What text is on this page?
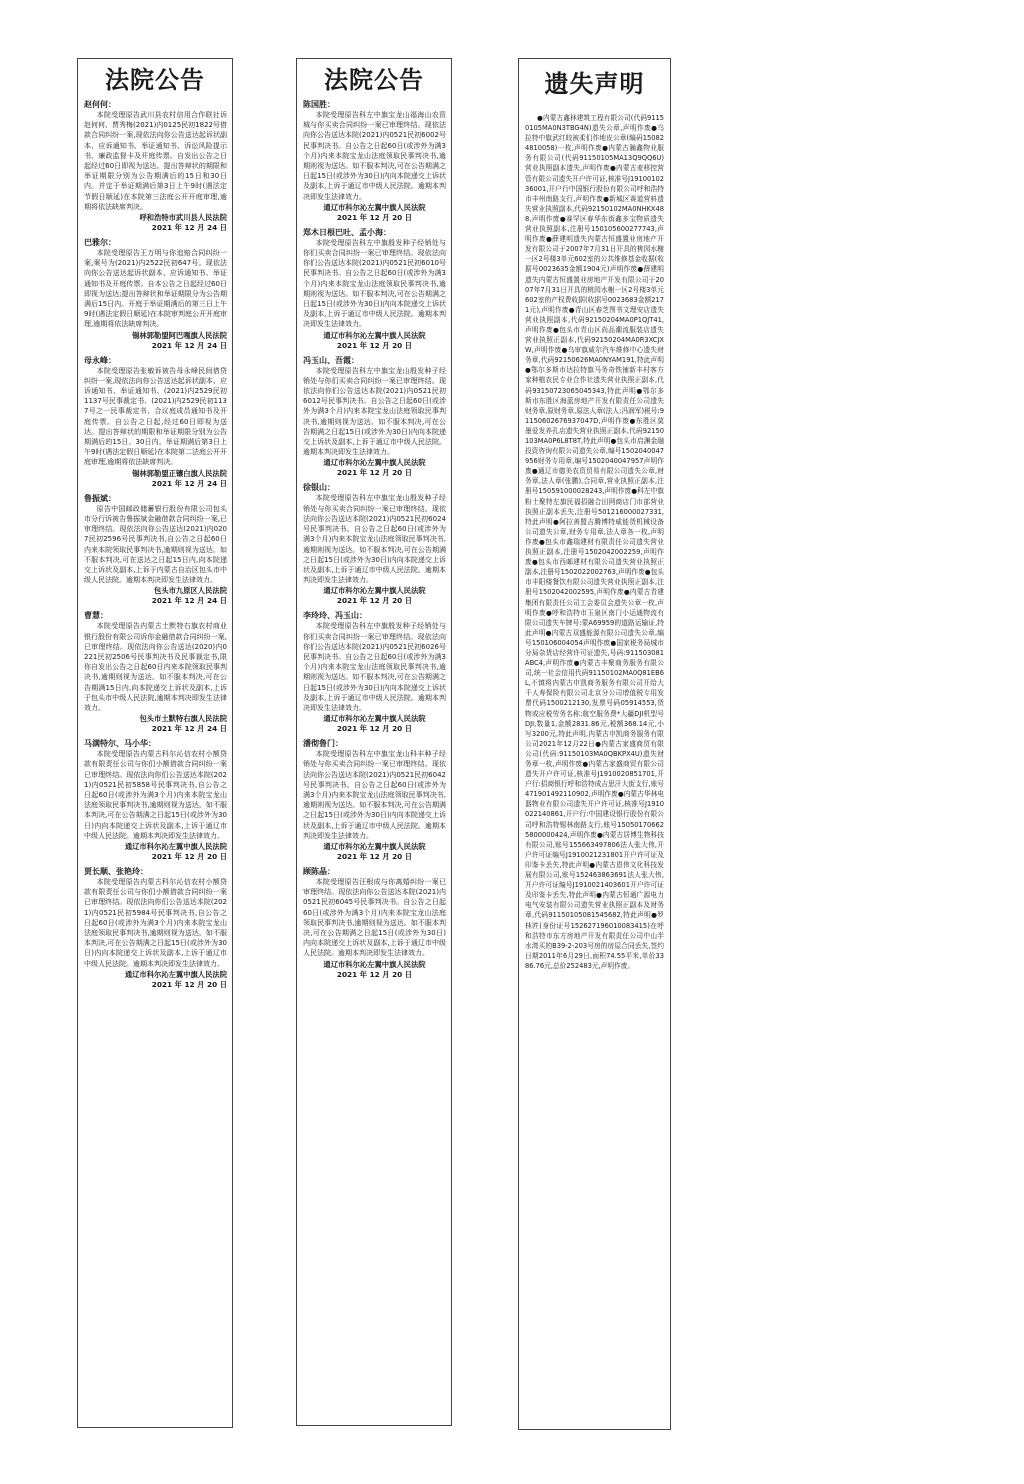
法院公告
赵何何：

本院受理原告武川县农村信用合作联社诉赵何何、贾秀梅(2021)内0125民初1822号借款合同纠纷一案,现依法向你公告送达起诉状副本、应诉通知书、举证通知书、诉讼风险提示书、廉政监督卡及开庭传票。自发出公告之日起经过60日即视为送达。提出答辩状的期限和举证期限分别为公告期满后的15日和30日内。并定于举证期满后第3日上午9时(遇法定节假日顺延)在本院第三法庭公开开庭审理,逾期将依法缺席判决。

呼和浩特市武川县人民法院
2021 年 12 月 24 日
巴雅尔：

本院受理原告王万明与你追赔合同纠纷一案,案号为(2021)内2522民初647号。现依法向你公告送达起诉状副本、应诉通知书、举证通知书及开庭传票。自本公告之日起经过60日即视为送达;提出答辩状和举证期限分为公告期满后15日内。开庭于举证期满后的第三日上午9时(遇法定假日顺延)在本院审判庭公开开庭审理,逾期将依法缺席判决。

锡林郭勒盟阿巴嘎旗人民法院
2021 年 12 月 24 日
母永峰：

本院受理原告张敏诉被告母永峰民间借贷纠纷一案,现依法向你公告送达起诉状副本、应诉通知书、举证通知书、(2021)内2529民初1137号民事裁定书、(2021)内2529民初1137号之一民事裁定书、合议庭成员通知书及开庭传票。自公告之日起,经过60日即视为送达。提出答辩状的期限和举证期限分别为公告期满后的15日、30日内。举证期满后第3日上午9时(遇法定假日顺延)在本院第二法庭公开开庭审理,逾期将依法缺席判决。

锡林郭勒盟正镶白旗人民法院
2021 年 12 月 24 日
鲁振斌：

原告中国邮政储蓄银行股份有限公司包头市分行诉被告鲁振斌金融借款合同纠纷一案,已审理终结。现依法向你公告送达(2021)内0207民初2596号民事判决书,自公告之日起60日内来本院领取民事判决书,逾期则视为送达。如不服本判决,可在送达之日起15日内,向本院递交上诉状及副本,上诉于内蒙古自治区包头市中级人民法院。逾期本判决即发生法律效力。

包头市九原区人民法院
2021 年 12 月 24 日
曹慧：

本院受理原告内蒙古土默特右旗农村商业银行股份有限公司诉你金融借款合同纠纷一案,已审理终结。现依法向你公告送达(2020)内0221民初2506号民事判决书及民事裁定书,限你自发出公告之日起60日内来本院领取民事判决书,逾期则视为送达。如不服本判决,可在公告期满15日内,向本院递交上诉状及副本,上诉于包头市中级人民法院,逾期本判决即发生法律效力。

包头市土默特右旗人民法院
2021 年 12 月 24 日
马满特尔、马小华：

本院受理原告内蒙古科尔沁信农村小额贷款有限责任公司与你们小额借款合同纠纷一案已审理终结。现依法向你们公告送达本院(2021)内0521民初5858号民事判决书,自公告之日起60日(或涉外为满3个月)内来本院宝龙山法庭领取民事判决书,逾期则视为送达。如不服本判决,可在公告期满之日起15日(或涉外为30日)内向本院递交上诉状及副本,上诉于通辽市中级人民法院。逾期本判决即发生法律效力。

通辽市科尔沁左翼中旗人民法院
2021 年 12 月 20 日
贾长顺、张艳玲：

本院受理原告内蒙古科尔沁信农村小额贷款有限责任公司与你们小额借款合同纠纷一案已审理终结。现依法向你们公告送达本院(2021)内0521民初5984号民事判决书,自公告之日起60日(或涉外为满3个月)内来本院宝龙山法庭领取民事判决书,逾期则视为送达。如不服本判决,可在公告期满之日起15日(或涉外为30日)内向本院递交上诉状及副本,上诉于通辽市中级人民法院。逾期本判决即发生法律效力。

通辽市科尔沁左翼中旗人民法院
2021 年 12 月 20 日
法院公告
陈国胜：

本院受理原告科左中旗宝龙山福海山农资城与你买卖合同纠纷一案已审理终结。现依法向你公告送达本院(2021)内0521民初6002号民事判决书。自公告之日起60日(或涉外为满3个月)内来本院宝龙山法庭领取民事判决书,逾期则视为送达。如不服本判决,可在公告期满之日起15日(或涉外为30日)内向本院递交上诉状及副本,上诉于通辽市中级人民法院。逾期本判决即发生法律效力。

通辽市科尔沁左翼中旗人民法院
2021 年 12 月 20 日
郑木日根巴吐、孟小海：

本院受理原告科左中旗殷发种子经销处与你们买卖合同纠纷一案已审理终结。现依法向你们公告送达本院(2021)内0521民初6010号民事判决书。自公告之日起60日(或涉外为满3个月)内来本院宝龙山法庭领取民事判决书,逾期则视为送达。如不服本判决,可在公告期满之日起15日(或涉外为30日)内向本院递交上诉状及副本,上诉于通辽市中级人民法院。逾期本判决即发生法律效力。

通辽市科尔沁左翼中旗人民法院
2021 年 12 月 20 日
冯玉山、吾霞：

本院受理原告科左中旗宝龙山殷发种子经销处与你们买卖合同纠纷一案已审理终结。现依法向你们公告送达本院(2021)内0521民初6012号民事判决书。自公告之日起60日(或涉外为满3个月)内来本院宝龙山法庭领取民事判决书,逾期则视为送达。如不服本判决,可在公告期满之日起15日(或涉外为30日)内向本院递交上诉状及副本,上诉于通辽市中级人民法院。逾期本判决即发生法律效力。

通辽市科尔沁左翼中旗人民法院
2021 年 12 月 20 日
徐银山：

本院受理原告科左中旗宝龙山殷发种子经销处与你买卖合同纠纷一案已审理终结。现依法向你公告送达本院(2021)内0521民初6024号民事判决书。自公告之日起60日(或涉外为满3个月)内来本院宝龙山法庭领取民事判决书,逾期则视为送达。如不服本判决,可在公告期满之日起15日(或涉外为30日)内向本院递交上诉状及副本,上诉于通辽市中级人民法院。逾期本判决即发生法律效力。

通辽市科尔沁左翼中旗人民法院
2021 年 12 月 20 日
李玲玲、冯玉山：

本院受理原告科左中旗殷发种子经销处与你们买卖合同纠纷一案已审理终结。现依法向你们公告送达本院(2021)内0521民初6026号民事判决书。自公告之日起60日(或涉外为满3个月)内来本院宝龙山法庭领取民事判决书,逾期则视为送达。如不服本判决,可在公告期满之日起15日(或涉外为30日)内向本院递交上诉状及副本,上诉于通辽市中级人民法院。逾期本判决即发生法律效力。

通辽市科尔沁左翼中旗人民法院
2021 年 12 月 20 日
潘彻鲁门：

本院受理原告科左中旗宝龙山科丰种子经销处与你买卖合同纠纷一案已审理终结。现依法向你公告送达本院(2021)内0521民初6042号民事判决书。自公告之日起60日(或涉外为满3个月)内来本院宝龙山法庭领取民事判决书,逾期则视为送达。如不服本判决,可在公告期满之日起15日(或涉外为30日)内向本院递交上诉状及副本,上诉于通辽市中级人民法院。逾期本判决即发生法律效力。

通辽市科尔沁左翼中旗人民法院
2021 年 12 月 20 日
顾陈晶：

本院受理原告汪根成与你离婚纠纷一案已审理终结。现依法向你公告送达本院(2021)内0521民初6045号民事判决书。自公告之日起60日(或涉外为满3个月)内来本院宝龙山法庭领取民事判决书,逾期则视为送达。如不服本判决,可在公告期满之日起15日(或涉外为30日)内向本院递交上诉状及副本,上诉于通辽市中级人民法院。逾期本判决即发生法律效力。

通辽市科尔沁左翼中旗人民法院
2021 年 12 月 20 日
遗失声明

●内蒙古鑫林建筑工程有限公司(代码91150105MA0N3TBG4N)遗失公章,声明作废●乌拉特中旗武红皎被柔们作地皮公章(编码150824810058)一枚,声明作废●内蒙古瀚鑫物业服务有限公司(代码91150105MA13Q9QQ6U)营业执照副本遗失,声明作废●内蒙古麦移控营管有限公司遗失开户许可证,核准号J1910010236001,开户行中国银行股份有限公司呼和浩特市丰州南路支行,声明作废●新城区赛道营料遗失营业执照副本,代码92150102MA0NHKX488,声明作废●赛罕区春华东街鑫多宝物质遗失营业执照副本,注册号150105600277743,声明作废●薛建明遗失内蒙古恒盛置业房地产开发有限公司于2007年7月31日开具的桃园水榭一区2号楼3单元602室的公共维修基金收据(收据号0023635金额1904元)声明作废●薛建明遗失内蒙古恒盛置业房地产开发有限公司于2007年7月31日开具的桃园水榭一区2号楼3单元602室的产权费收据(收据号0023683金额2171元),声明作废●青山区春芝图书文理安店遗失营业执照副本,代码92150204MA0P1QJT41,声明作废●包头市青山区尚品潮流服装店遗失营业执照正副本,代码92150204MA0R3XCJXW,声明作废●乌审旗威尔汽车维修中心遗失财务章,代码92150626MA0NYAM191,特此声明●鄂尔多斯市达拉特旗马务奇铁铺新丰村客方家种植农民专业合作社遗失营业执照正副本,代码93150723065045343,特此声明●鄂尔多斯市东胜区海蓝房地产开发有限责任公司遗失财务章,原财务章,原法人章(法人:冯润军)税号:91150602676937047D,声明作废●东胜区莫墨爱发养孔店遗失营业执照正副本,代码92150103MA0P6L8T8T,特此声明●包头市启渊金融投资咨询有限公司遗失公章,编号1502040047956财务专用章,编号1502040047957声明作废●通辽市德美农资贸易有限公司遗失公章,财务章,法人章(张鹏),合同章,营业执照正副本,注册号150591000028243,声明作废●科左中旗粉土聚特左旗民福招融合田网商店门市部营业执照正副本丢失,注册号501216000027331,特此声明●阿拉善盟吉腾博特威能货机械设备公司遗失公章,财务专用章,法人章各一枚,声明作废●包头市鑫瑞建材有限责任公司遗失营业执照正副本,注册号1502042002259,声明作废●包头市西邮建材有限公司遗失营业执照正副本,注册号1502022002763,声明作废●包头市丰阳楼餐饮有限公司遗失营业执照正副本,注册号1502042002595,声明作废●内蒙古青建集团有限责任公司工会委员会遗失公章一枚,声明作废●呼和浩特市玉泉区南门小运通物流有限公司遗失车牌号:蒙A69959的道路运输证,特此声明●内蒙古双盛能源有限公司遗失公章,编号150106004054声明作废●国家税务局城市分局杂货店经营许可证遗失,号码:911503081ABC4,声明作废●内蒙古丰聚商务服务有限公司,统一社会信用代码91150102MA0Q81EB6L,不慎将内蒙古申凯商务服务有限公司开给大千人寿保险有限公司北京分公司增值税专用发票代码1500212130,发票号码05914553,货物或应税劳务名称:航空服务费*大疆DJI机型号DJI,数量1,金额2831.86元,税额368.14元,小写3200元,特此声明,内蒙古申凯商务服务有限公司2021年12月22日●内蒙古家盛商贸有限公司(代码:91150103MA0QBKPX4U)遗失财务章一枚,声明作废●内蒙古家盛商贸有限公司遗失开户许可证,核准号J1910020851701,开户行:招商银行呼和浩特成吉思汗大街支行,账号471901492110902,声明作废●内蒙古华林电器物业有限公司遗失开户许可证,核准号J1910022140861,开户行:中国建设银行股份有限公司呼和浩特锡林南路支行,账号150501706625800000424,声明作废●内蒙古居博生物科技有限公司,账号155663497806法人张大伟,开户许可证编号J1910021231801开户许可证及印鉴卡丢失,特此声明●内蒙古恩伟文化科技发展有限公司,账号152463863691法人张大伟,开户许可证编号J1910021403601开户许可证及印鉴卡丢失,特此声明●内蒙古恒通广源电力电气安装有限公司遗失营业执照正副本及财务章,代码91150105081545682,特此声明●罗林匠(身份证号152627196010083415)在呼和浩特市东方房地产开发有限责任公司中山半水湾买的B39-2-203号房的房屋合同丢失,签约日期2011年6月29日,面积74.55平米,单价3386.76元,总价252483元,声明作废。
